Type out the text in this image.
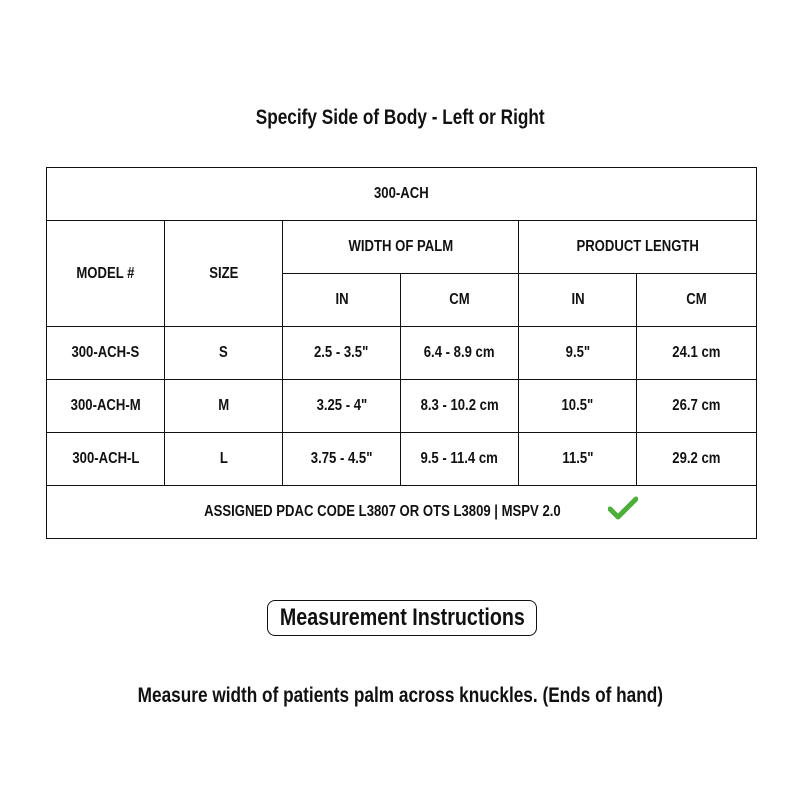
Specify Side of Body - Left or Right
300-ACH					
MODEL #	SIZE	WIDTH OF PALM		PRODUCT LENGTH	
		IN	CM	IN	CM
300-ACH-S	S	2.5 - 3.5"	6.4 - 8.9 cm	9.5"	24.1 cm
300-ACH-M	M	3.25 - 4"	8.3 - 10.2 cm	10.5"	26.7 cm
300-ACH-L	L	3.75 - 4.5"	9.5 - 11.4 cm	11.5"	29.2 cm
ASSIGNED PDAC CODE L3807 OR OTS L3809 | MSPV 2.0					
Measurement Instructions
Measure width of patients palm across knuckles. (Ends of hand)
